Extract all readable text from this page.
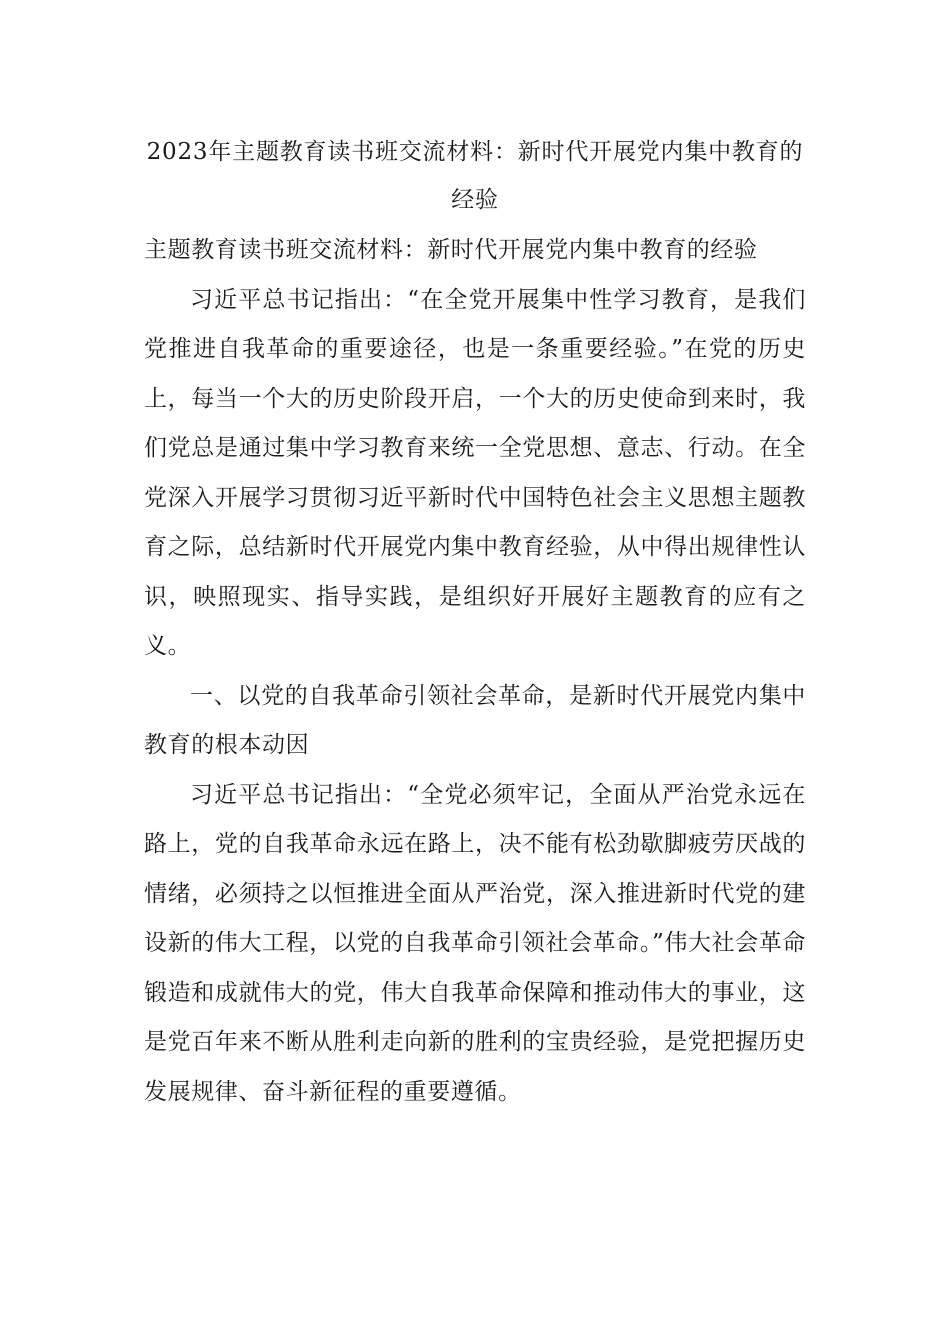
2023年主题教育读书班交流材料：新时代开展党内集中教育的经验

主题教育读书班交流材料：新时代开展党内集中教育的经验

习近平总书记指出：“在全党开展集中性学习教育，是我们党推进自我革命的重要途径，也是一条重要经验。”在党的历史上，每当一个大的历史阶段开启，一个大的历史使命到来时，我们党总是通过集中学习教育来统一全党思想、意志、行动。在全党深入开展学习贯彻习近平新时代中国特色社会主义思想主题教育之际，总结新时代开展党内集中教育经验，从中得出规律性认识，映照现实、指导实践，是组织好开展好主题教育的应有之义。

一、以党的自我革命引领社会革命，是新时代开展党内集中教育的根本动因

习近平总书记指出：“全党必须牢记，全面从严治党永远在路上，党的自我革命永远在路上，决不能有松劲歇脚疲劳厌战的情绪，必须持之以恒推进全面从严治党，深入推进新时代党的建设新的伟大工程，以党的自我革命引领社会革命。”伟大社会革命锻造和成就伟大的党，伟大自我革命保障和推动伟大的事业，这是党百年来不断从胜利走向新的胜利的宝贵经验，是党把握历史发展规律、奋斗新征程的重要遵循。
